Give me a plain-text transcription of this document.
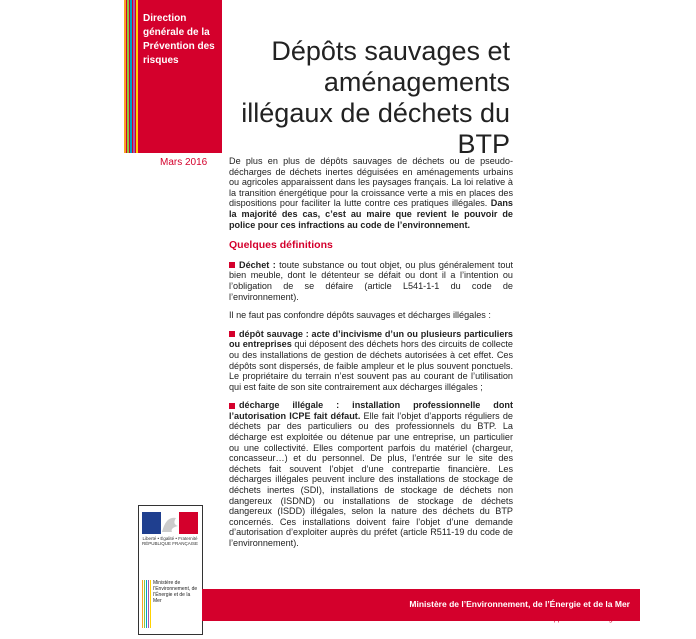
Direction générale de la Prévention des risques
Mars 2016
Dépôts sauvages et aménagements illégaux de déchets du BTP

De plus en plus de dépôts sauvages de déchets ou de pseudo-décharges de déchets inertes déguisées en aménagements urbains ou agricoles apparaissent dans les paysages français. La loi relative à la transition énergétique pour la croissance verte a mis en places des dispositions pour faciliter la lutte contre ces pratiques illégales. Dans la majorité des cas, c’est au maire que revient le pouvoir de police pour ces infractions au code de l’environnement.

Quelques définitions

Déchet : toute substance ou tout objet, ou plus généralement tout bien meuble, dont le détenteur se défait ou dont il a l’intention ou l’obligation de se défaire (article L541-1-1 du code de l’environnement).

Il ne faut pas confondre dépôts sauvages et décharges illégales :

dépôt sauvage : acte d’incivisme d’un ou plusieurs particuliers ou entreprises qui déposent des déchets hors des circuits de collecte ou des installations de gestion de déchets autorisées à cet effet. Ces dépôts sont dispersés, de faible ampleur et le plus souvent ponctuels. Le propriétaire du terrain n’est souvent pas au courant de l’utilisation qui est faite de son site contrairement aux décharges illégales ;

décharge illégale : installation professionnelle dont l’autorisation ICPE fait défaut. Elle fait l’objet d’apports réguliers de déchets par des particuliers ou des professionnels du BTP. La décharge est exploitée ou détenue par une entreprise, un particulier ou une collectivité. Elles comportent parfois du matériel (chargeur, concasseur…) et du personnel. De plus, l’entrée sur le site des déchets fait souvent l’objet d’une contrepartie financière. Les décharges illégales peuvent inclure des installations de stockage de déchets inertes (SDI), installations de stockage de déchets non dangereux (ISDND) ou installations de stockage de déchets dangereux (ISDD) illégales, selon la nature des déchets du BTP concernés. Ces installations doivent faire l’objet d’une demande d’autorisation d’exploiter auprès du préfet (article R511-19 du code de l’environnement).

Liberté • Égalité • Fraternité RÉPUBLIQUE FRANÇAISE
Ministère de l’Environnement, de l’Énergie et de la Mer	Ministère de l’Environnement, de l’Énergie et de la Mer
www.developpement-durable.gouv.fr
